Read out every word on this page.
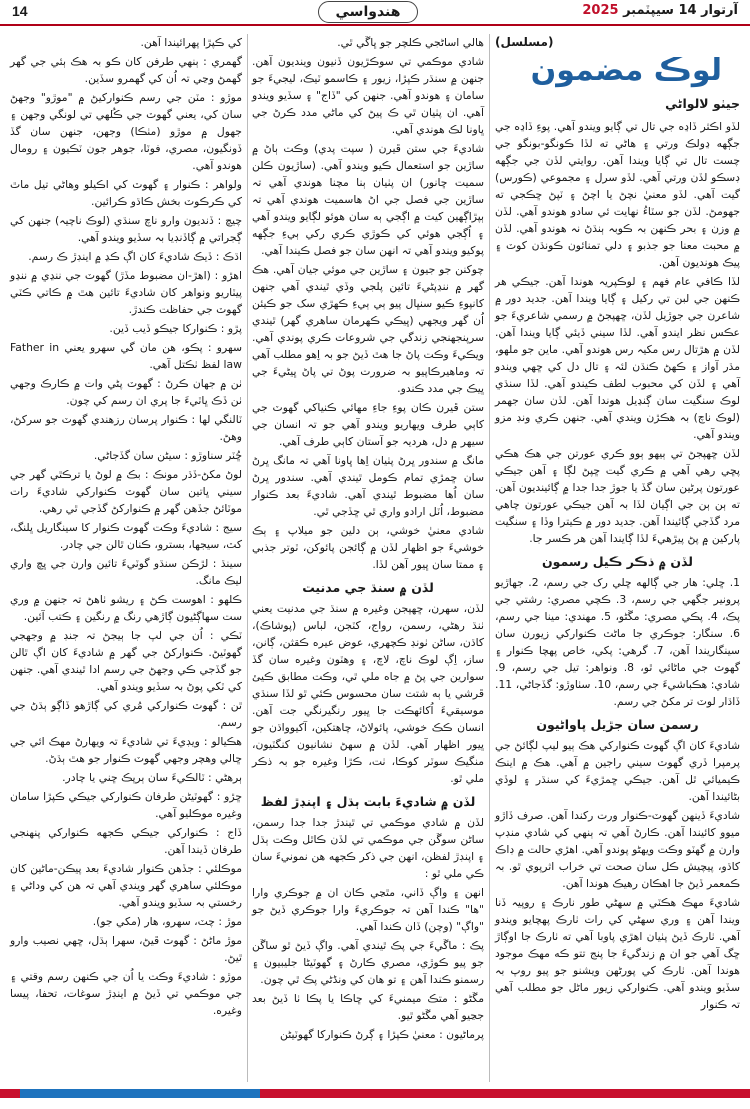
14	هندواسي	آرتوار 14 سيپٽمبر 2025
(مسلسل)
لوڪ مضمون
جيٺو لالواڻي

لڏو اڪثر ڏاڍه جي تال تي ڳايو ويندو آهي. پوءِ ڏاڍه جي جڳهه ڍولڪ ورتي ۽ هاڻي ته لڏا ڪونگو-بونگو جي چست تال تي ڳايا ويندا آهن. روايتي لڏن جي جڳهه ڊسڪو لڏن ورتي آهي. لڏو سرل ۽ مجموعي (ڪورس) گيت آهي. لڏو معنيٰ نچڻ يا اچڻ ۽ ٽپڻ ڇڪجي ته جهومڻ. لڏن جو سٽاءُ نهايت ئي سادو هوندو آهي. لڏن ۾ وزن ۽ بحر ڪنهن بہ ڪوبہ ٻنڌڻ نہ هوندو آهي. لڏن ۾ محبت معنا جو جذبو ۽ دلي تمنائون ڪونڌن کوٽ ۽ پيڪ هونديون آهن.

لڏا ڪافي عام فهم ۽ لوڪپريہ هوندا آهن. جيڪي هر ڪنهن جي لبن تي رکيل ۽ ڳايا ويندا آهن. جديد دور ۾ شاعرن جي جوڙيل لڏن، ڇهپجڻ ۾ رسمي شاعريءَ جو عڪس نظر ايندو آهي. لڏا سيني ڏيئي ڳايا ويندا آهن. لڏن ۾ هڙتال رس مکيہ رس هوندو آهي. ماين جو ملهو، مڌر آواز ۽ ڪهڻ ڪنڌن لئہ ۽ تال دل کي ڇهي ويندو آهي ۽ لڏن کي محبوب لطف ڪيندو آهي. لڏا سنڌي لوڪ سنگيت سان ڳنڍيل هوندا آهن. لڏن سان جهمر (لوڪ ناچ) بہ هڪڙن ويندي آهي. جنهن ڪري ونڊ مزو ويندو آهي.

لڏن ڇهپجڻ تي ٻيهو ٻوو ڪري عورتن جي هڪ هڪي پڇي رهي آهي ۾ ڪري گيت ڇپڻ لڳا ۽ آهن جيڪي عورتون پرڻين سان گڏ يا جوڙ جدا جدا ۾ ڳائينديون آهن. ته ٻن ٻن جي اڳيان لڏا بہ آهن جيڪي عورتون چاهي مرد گڏجي ڳائيندا آهن. جديد دور ۾ ڪيترا وڏا ۽ سنگيت پارکين ۾ پڻ پيڙهيءَ لڏا ڳايندا آهن هر ڪسر جا.

لڏن ۾ ذڪر ڪيل رسمون

1. ڇلي: هار جي ڳالهه ڇلي رک جي رسم، 2. جهاڙيو پرونير جگهي جي رسم، 3. ڪچي مصري: رشتي جي پڪ، 4. پڪي مصري: مڱڻو، 5. مهندي: مينا جي رسم، 6. سنگار: جوڪري جا ماڻٽ ڪنوارکي زيورن سان سينگاريندا آهن، 7. گرهي: پکي، خاص پهچا ڪنوار ۽ گهوٽ جي ماڻائي ٿو، 8. ونواهر: تيل جي رسم، 9. شادي: هڪباشيءَ جي رسم، 10. سٺاوڙو: گڏجاڻي، 11. ڏاڌار لوٽ تر مکڻ جي رسم.

رسمن سان جڙيل پاواڻيون

شاديءَ کان اڳ گهوٽ ڪنوارکي هڪ ٻيو ليپ لڳائڻ جي پرمپرا ڏري گهوٽ سيني راجين ۾ آهي. هڪ ۾ اينڪ ڪيميائي ٿل آهن. جيڪي ڇمڙيءَ کي سنڌر ۽ لوڏي بڻائيندا آهن.

شاديءَ ڏينهن گهوٽ-ڪنوار ورت رکندا آهن. صرف ڏاڙو ميوو کائيندا آهن. ڪارڻ آهي تہ ٻنهي کي شادي منڊپ وارن ۾ گهٽو وڪت ويهڻو پوندو آهي. اهڙي حالت ۾ ڊاڪ کاڌو، پيچيش ڪل سان صحت تي خراب اثرپوي ٿو. بہ ڪمعمر ڏيڻ جا اهڪان رهيڪ هوندا آهن.

شاديءَ مهڪ هڪٽي ۾ سهڻي طور نارڪ ۽ روپيہ ڏنا ويندا آهن ۽ وري سهڻي کي رات ٺارڪ پهچايو ويندو آهي. ٺارڪ ڏيڻ پٺيان اهڙي پاوبا آهي ته ٺارڪ جا اوڳاڙ ڇگ آهي جو ان ۾ زندگيءَ جا پنج تتو ڪه مهڪ موجود هوندا آهن. ٺارڪ کي پورڻهن ويشنو جو پيو روپ بہ سڏيو ويندو آهي. ڪنوارکي زيور ماڻل جو مطلب آهي تہ ڪنوار

هالي اساڻجي ڪلچر جو ڀاڱي ٿي.

شادي موڪمي تي سوڪڙيون ڏنيون وينديون آهن. جنهن ۾ سنڌر ڪپڙا، زيور ۽ ڪاسمو ٽيڪ، ليجيءَ جو سامان ۽ هوندو آهي. جنهن کي "ڏاج" ۽ سڏيو ويندو آهي. ان پٺيان ٿي ڪ پيڻ کي ماڻي مدد ڪرڻ جي ڀاونا لڪ هوندي آهي.

شاديءَ جي ستن ڦيرن ( سپت پدي) وڪت ٻاڻ ۾ ساڙين جو استعمال ڪيو ويندو آهي. (ساڙيون ڪلن سميت ڇانور) ان پٺيان ٻنا مچنا هوندي آهي تہ ساڙين جي فصل جي اڻ هاسميت هوندي آهي تہ ٻپڙاڳهين کيت ۾ اڳجي ٻه سان هوئو لڳايو ويندو آهي ۽ اُڳجي هوئي کي ڪوڙي ڪري رکي ٻيءِ جڳهه پوکيو ويندو آهي تہ انهن سان جو فصل ڪيندا آهي.

چوکنن جو جيون ۽ ساڙين جي موئي جيان آهي. هڪ گهر ۾ ننڍپڻيءَ تائين پلجي وڏي ٿيندي آهي جنهن کانپوءِ ڪيو سنڀال پيو ٻي ٻيءِ ڪهڙي سک جو ڪيئن اُن گهر ويجهي (ڀيڪي ڪهرمان ساهري گهر) ٿيندي سرپنجهنجي زندگي جي شروعات ڪري پوندي آهي. ويڪيءَ وڪت پاڻ جا هٿ ڏيڻ جو بہ اِهو مطلب آهي تہ وماهيرڪاپيو بہ ضرورت پوڻ تي پاڻ ڀيڻيءَ جي ڀيڪ جي مدد ڪندو.

ستن ڦيرن ڪان پوءِ جاءِ مهائي ڪنياکي گهوٽ جي کاٻي طرف ويهاريو ويندو آهي جو تہ انسان جي سيهر ۾ دل، هرديہ جو آستان کاٻي طرف آهي.

مانگ ۾ سندور ڀرڻ پٺيان اِها ڀاونا آهي تہ مانگ ڀرڻ سان ڇمڙي تمام ڪومل ٿيندي آهي. سندور ڀرڻ سان اُها مضبوط ٿيندي آهي. شاديءَ بعد ڪنوار مضبوط، اُٽل ارادو واري ٿي ڇڏجي ٿي.

شادي معنيٰ خوشي، ٻن دلين جو ميلاپ ۽ ٻڪ خوشيءَ جو اظهار لڏن ۾ ڳائجن پائوکن، ٽوتر جذبي ۽ ممتا سان ڀيور آهن لڏا.

لڏن ۾ سنڌ جي مدنيت

لڏن، سهرن، ڇهپجن وغيره ۾ سنڌ جي مدنيت يعني ٺنڌ رهڻي، رسمن، رواج، کٽجن، لباس (پوشاڪ)، کاڌن، ساڻن ٺونڊ ڪچهري، عوض عيره ڪقثن، ڳانن، ساز، اِڳ لوڪ ناچ، لاچ، ۽ وهٽون وغيره سان گڏ سوارين جي پڻ ۾ جاه ملي ٿي، وڪت مطابق ڪيئ ڦرشي يا ٻه شتت سان محسوس ڪئي ٿو لڏا سنڌي موسيقيءَ اُکائهڪت جا ڀيور رنگيرنگي جت آهن. انسان ڪڪ خوشي، پائولاڻ، چاهتکين، آکيوواڌن جو ڀيور اظهار آهي. لڏن ۾ سهڻ نشانيون کنگٽيون، منگيڪ سوٽر کوڪا، ٺت، ڪڙا وغيره جو بہ ذڪر ملي ٿو.

لڏن ۾ شاديءَ بابت ٻڌل ۽ اپنڊڙ لفظ

لڏن ۾ شادي موڪمي تي ٿيندڙ جدا جدا رسمن، ساڻن سوڱن جي موڪمي تي لڏن ڪاٿل وڪت ٻڌل ۽ اپنڊڙ لفظن، انهن جي ذکر ڪجهه هن نمونيءَ سان ڪي ملي ٿو :

انهن ۽ واڳ ڏاني، مٿڃي ڪان ان ۾ جوڪري وارا "ها" ڪندا آهن تہ جوڪريءَ وارا جوڪري ڏيڻ جو "واڳ" (وچن) ڏان ڪندا آهي.

پڪ : ماڱيءَ جي پڪ ٿيندي آهي. واڳ ڏيڻ ٿو ساڱن جو پيو ڪوڙي، مصري ڪارڻ ۽ گهوٽيڻا جليبيون ۽ رسمنو ڪندا آهن ۽ تو هان کي ونڈڻي پڪ ٿي چون.

مڱڻو : متڪ ميمنيءَ کي ڇاڪا يا پڪا ٺا ڏيڻ بعد جڃيو آهي مڱڻو ٿيو.

پرماڻيون : معنيٰ ڪپڙا ۽ ڳرڻ ڪنوارکا گهوٽيڻن

کي ڪپڙا پهرائيندا آهن.

گهمري : ٻنهي طرفن کان ڪو بہ هڪ ٻئي جي گهر گهمڻ وڃي تہ اُن کي گهمرو سڏين.

موڙو : مٽن جي رسم ڪنوارکيڻ ۾ "موڙو" وجهڻ سان کي، يعني گهوٽ جي ڪُلهي تي لونگي وجهن ۽ جهول ۾ موڙو (مٺڪا) وجهن، جنهن سان گڏ ڏونگيون، مصري، فوٽا، جوهر جون ٽڪيون ۽ رومال هوندو آهي.

ولواهر : ڪنوار ۽ گهوٽ کي اڪيلو وهاڻي تيل ماٿ کي ڪرڪوٽ بخش ڪاڌو ڪرائين.

چيچ : ڏنديون وارو ناچ سنڌي (لوڪ ناچيہ) جنهن کي ڳجراتي ۾ ڳاڏنڊيا بہ سڏيو ويندو آهي.

اڌڪ : ڏيڪ شاديءَ کان اڳ ڪڍ ۾ اينڊڙ ڪ رسم.

اهڙو : (اهڙ-ان مضبوط مڏڙ) گهوٽ جي ننڍي ۾ ننڍو پيٽاريو ونواهر کان شاديءَ تائين هٿ ۾ ڪاتي ڪٽي گهوٽ جي حفاظت ڪندڙ.

پڙو : ڪنوارکا جيڪو ڏيب ڏين.

سهرو : پڪو، هن مان گي سهرو يعني Father in law لفظ ٺڪتل آهي.

ٺن ۾ جهان ڪرڻ : گهوٽ پڻي وات ۾ ڪارڪ وجهي ٺن ڏڪ ڀاٽيءَ جا پري ان رسم کي چون.

ٽالنگي لها : ڪنوار پرسان رزهندي گهوٽ جو سرکڻ، وهڻ.

ڇُٽر سناوڙو : سيڻن سان گڏجاڻي.

لوڻ مکڻ-ڏڌر مونڪ : بڪ ۾ لوڻ يا ترڪٿي گهر جي سيني ڀاتين سان گهوٽ ڪنوارکي شاديءَ رات موٽائڻ جڏهن گهر ۾ ڪنوارکڻ گڏجي ٿي رهي.

سيج : شاديءَ وڪت گهوٽ ڪنوار کا سينگاريل ڀلنگ، کٽ، سيجها، بسترو، ڪنان ٿالن جي چادر.

سينڌ : لڙڪن سنڌو گوٽيءَ تائين وارن جي ڀچ واري ليڪ مانگ.

ڪلهو : اهوست ڪڻ ۽ ريشو ٺاهڻ تہ جنهن ۾ وري ست سهاڳڻيون ڳاڙهي رنگ ۾ رنگين ۽ ڪتب آئين.

ٽڪي : اُن جي لپ جا ٻيجڻ تہ جنڊ ۾ وجهجي گهوٽيڻ. ڪنوارکڻ جي گهر ۾ شاديءَ کان اڳ ٿالن جو گڏجي ڪي وجهڻ جي رسم ادا ٿيندي آهي. جنهن کي ٽکي پوڻ بہ سڏيو ويندو آهي.

ٿن : گهوٽ ڪنوارکي مُري کي ڳاڙهو ڏاڳو ٻڌڻ جي رسم.

هڪيالو : ويڊيءَ تي شاديءَ تہ ويهارڻ مهڪ ائي جي ڇالي وهچر وجهي گهوٽ ڪنوار جو هٿ ٻڌڻ.

ٻرهڻي : ٽالڪيءَ سان ٻرپڪ ڇني يا چادر.

ڇڙو : گهوٽيڻن طرفان ڪنوارکي جيڪي ڪپڙا سامان وغيره موڪليو آهي.

ڏاج : ڪنوارکي جيڪي ڪجهه ڪنوارکي پنهنجي طرفان ڏيندا آهن.

موڪلئي : جڏهن ڪنوار شاديءَ بعد پيڪن-ماڻين کان موڪلئي ساهري گهر ويندي آهي تہ هن کي وداڻي ۽ رخستي بہ سڏيو ويندو آهي.

موڙ : چٽ، سهرو، هار (مکي جو).

موڙ ماڻڻ : گهوٽ ڦيڻ، سهرا ٻڌل، ڇهي نصيب وارو ٿيڻ.

موڙو : شاديءَ وڪت يا اُن جي ڪنهن رسم وقتي ۽ جي موڪمي تي ڏيڻ ۾ اينڊڙ سوغات، تحفا، پيسا وغيره.
